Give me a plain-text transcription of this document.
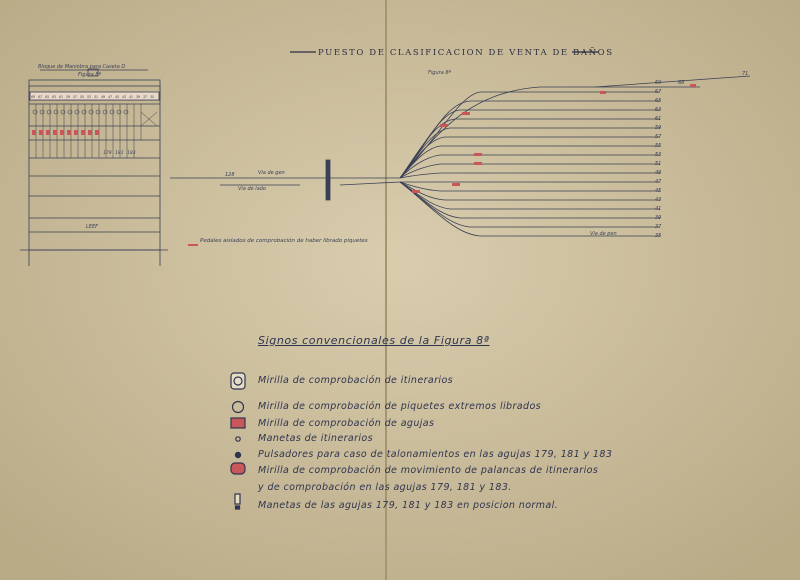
69
67
65
63
61
59
57
55
53
51
49
47
45
43
41
39
37
35
68
71
Via de gen
Via de lado
Via de pen
128
Figura 8ª
Bloque de Maniobra para Caseta D
Figura 8ª
LEEF
69 67 65 63 61 59 57 55 53 51 49 47 45 43 41 39 37 35
179 181 183
PUESTO DE CLASIFICACION DE VENTA DE BAÑOS
Pedales aislados de comprobación de haber librado piquetes
Signos convencionales de la Figura 8ª
Mirilla de comprobación de itinerarios
Mirilla de comprobación de piquetes extremos librados
Mirilla de comprobación de agujas
Manetas de itinerarios
Pulsadores para caso de talonamientos en las agujas 179, 181 y 183
Mirilla de comprobación de movimiento de palancas de itinerarios
y de comprobación en las agujas 179, 181 y 183.
Manetas de las agujas 179, 181 y 183 en posicion normal.
